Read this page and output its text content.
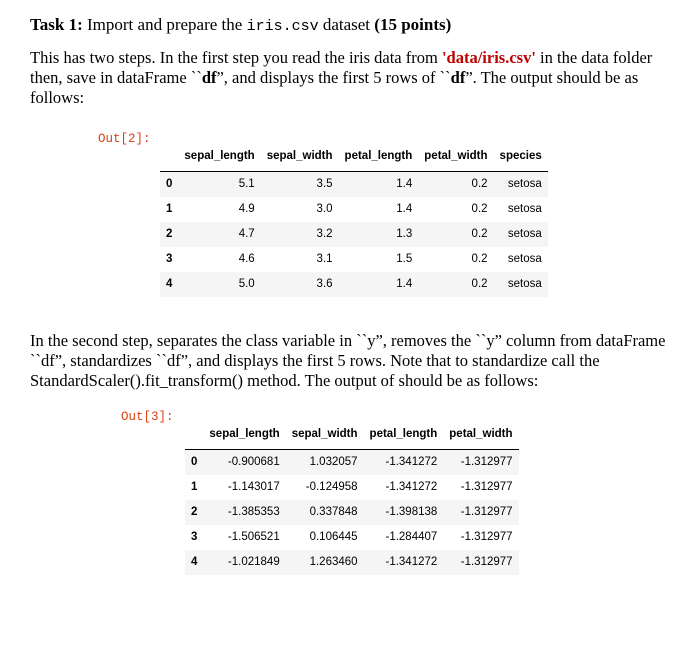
Task 1: Import and prepare the iris.csv dataset (15 points)
This has two steps. In the first step you read the iris data from 'data/iris.csv' in the data folder then, save in dataFrame ``df”, and displays the first 5 rows of ``df”. The output should be as follows:
In the second step, separates the class variable in ``y”, removes the ``y” column from dataFrame ``df”, standardizes ``df”, and displays the first 5 rows. Note that to standardize call the StandardScaler().fit_transform() method. The output of should be as follows:
Out[2]:
	sepal_length	sepal_width	petal_length	petal_width	species
0	5.1	3.5	1.4	0.2	setosa
1	4.9	3.0	1.4	0.2	setosa
2	4.7	3.2	1.3	0.2	setosa
3	4.6	3.1	1.5	0.2	setosa
4	5.0	3.6	1.4	0.2	setosa
Out[3]:
	sepal_length	sepal_width	petal_length	petal_width
0	-0.900681	1.032057	-1.341272	-1.312977
1	-1.143017	-0.124958	-1.341272	-1.312977
2	-1.385353	0.337848	-1.398138	-1.312977
3	-1.506521	0.106445	-1.284407	-1.312977
4	-1.021849	1.263460	-1.341272	-1.312977
